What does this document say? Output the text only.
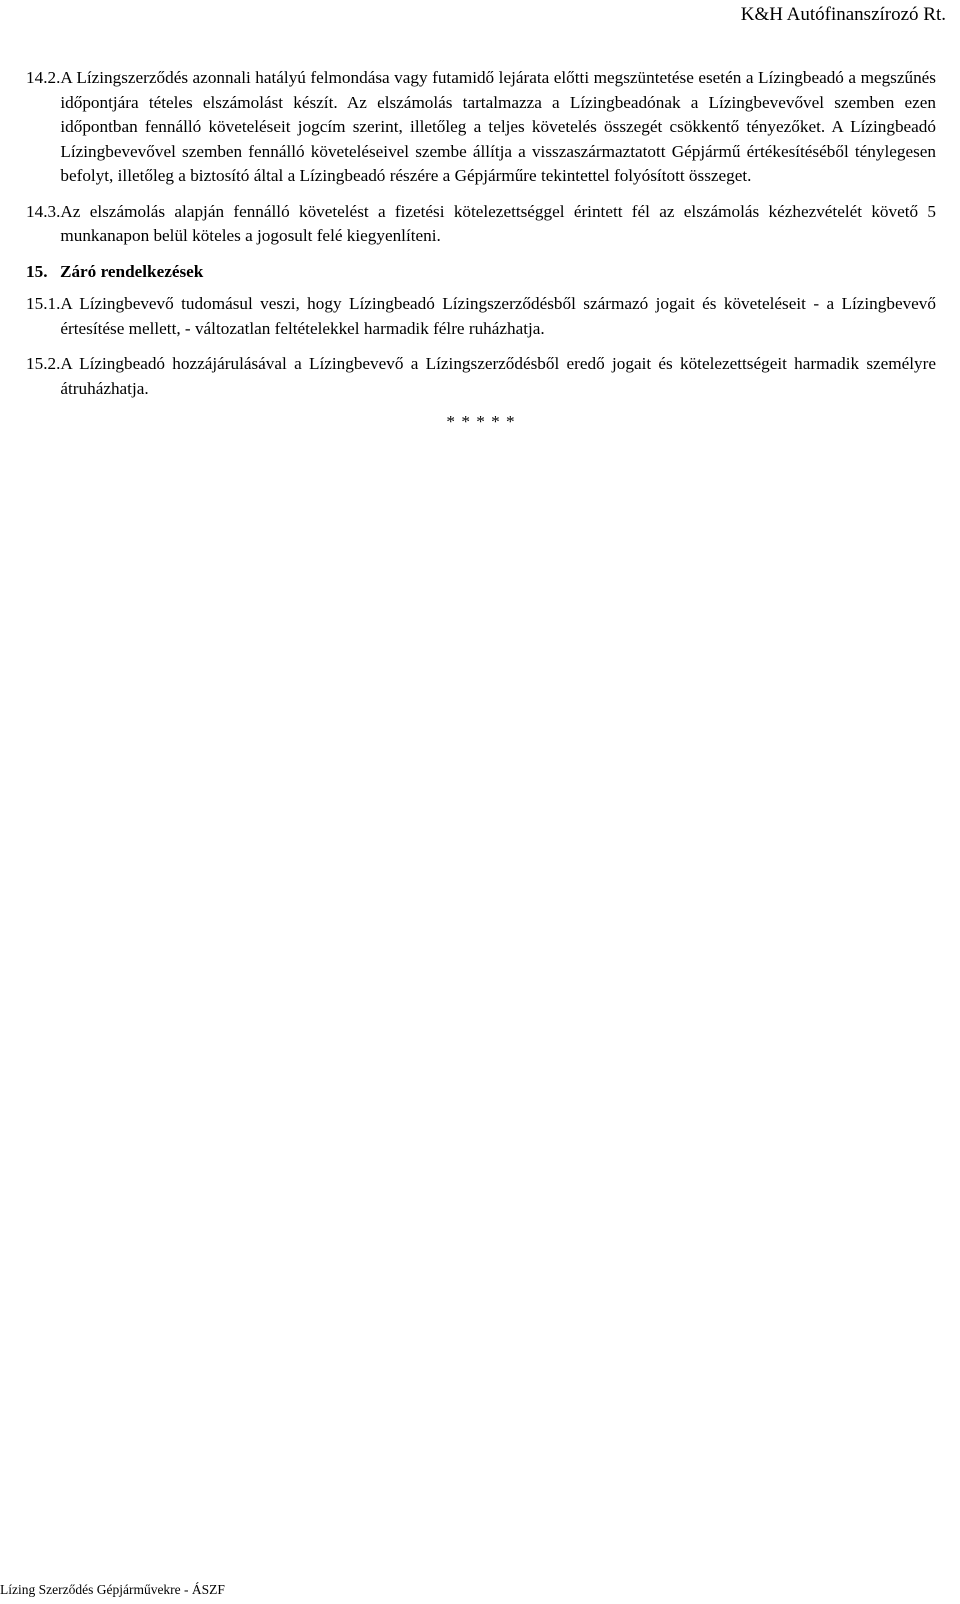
K&H Autófinanszírozó Rt.
14.2. A Lízingszerződés azonnali hatályú felmondása vagy futamidő lejárata előtti megszüntetése esetén a Lízingbeadó a megszűnés időpontjára tételes elszámolást készít. Az elszámolás tartalmazza a Lízingbeadónak a Lízingbevevővel szemben ezen időpontban fennálló követeléseit jogcím szerint, illetőleg a teljes követelés összegét csökkentő tényezőket. A Lízingbeadó Lízingbevevővel szemben fennálló követeléseivel szembe állítja a visszaszármaztatott Gépjármű értékesítéséből ténylegesen befolyt, illetőleg a biztosító által a Lízingbeadó részére a Gépjárműre tekintettel folyósított összeget.
14.3. Az elszámolás alapján fennálló követelést a fizetési kötelezettséggel érintett fél az elszámolás kézhezvételét követő 5 munkanapon belül köteles a jogosult felé kiegyenlíteni.
15. Záró rendelkezések
15.1. A Lízingbevevő tudomásul veszi, hogy Lízingbeadó Lízingszerződésből származó jogait és követeléseit - a Lízingbevevő értesítése mellett, - változatlan feltételekkel harmadik félre ruházhatja.
15.2. A Lízingbeadó hozzájárulásával a Lízingbevevő a Lízingszerződésből eredő jogait és kötelezettségeit harmadik személyre átruházhatja.
* * * * *
Lízing Szerződés Gépjárművekre - ÁSZF
